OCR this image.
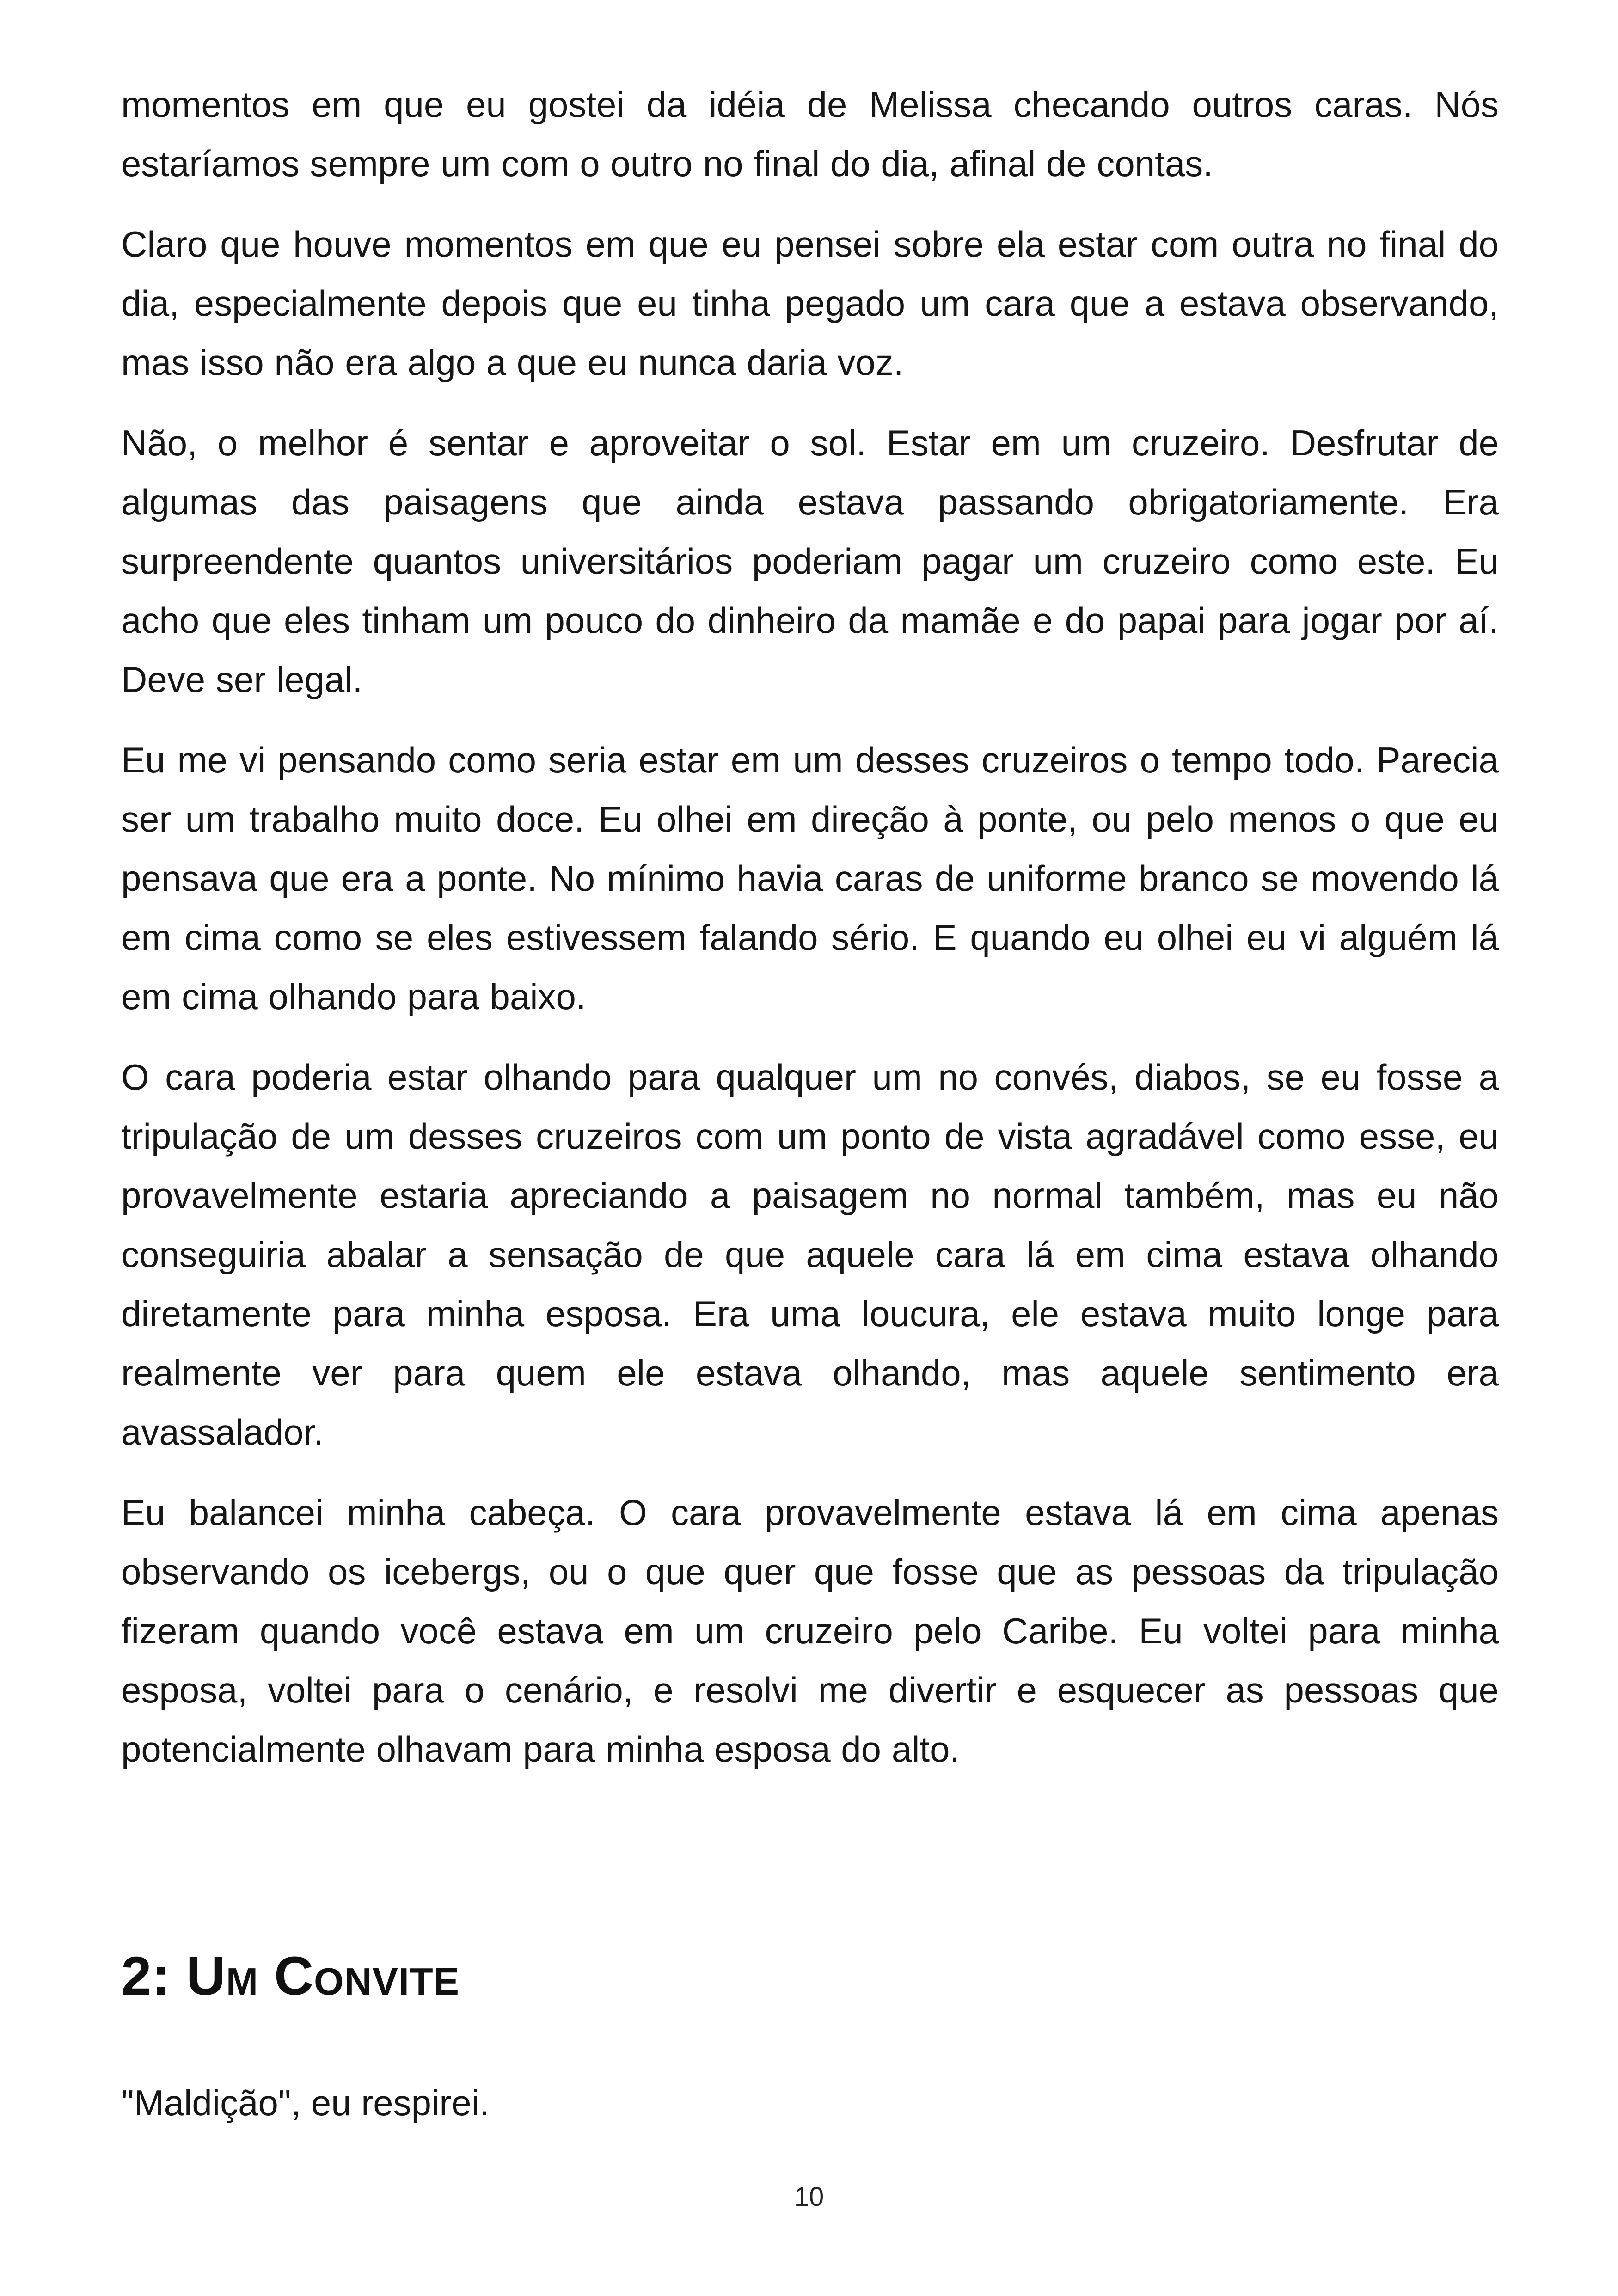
momentos em que eu gostei da idéia de Melissa checando outros caras. Nós estaríamos sempre um com o outro no final do dia, afinal de contas.

Claro que houve momentos em que eu pensei sobre ela estar com outra no final do dia, especialmente depois que eu tinha pegado um cara que a estava observando, mas isso não era algo a que eu nunca daria voz.

Não, o melhor é sentar e aproveitar o sol. Estar em um cruzeiro. Desfrutar de algumas das paisagens que ainda estava passando obrigatoriamente. Era surpreendente quantos universitários poderiam pagar um cruzeiro como este. Eu acho que eles tinham um pouco do dinheiro da mamãe e do papai para jogar por aí. Deve ser legal.

Eu me vi pensando como seria estar em um desses cruzeiros o tempo todo. Parecia ser um trabalho muito doce. Eu olhei em direção à ponte, ou pelo menos o que eu pensava que era a ponte. No mínimo havia caras de uniforme branco se movendo lá em cima como se eles estivessem falando sério. E quando eu olhei eu vi alguém lá em cima olhando para baixo.

O cara poderia estar olhando para qualquer um no convés, diabos, se eu fosse a tripulação de um desses cruzeiros com um ponto de vista agradável como esse, eu provavelmente estaria apreciando a paisagem no normal também, mas eu não conseguiria abalar a sensação de que aquele cara lá em cima estava olhando diretamente para minha esposa. Era uma loucura, ele estava muito longe para realmente ver para quem ele estava olhando, mas aquele sentimento era avassalador.

Eu balancei minha cabeça. O cara provavelmente estava lá em cima apenas observando os icebergs, ou o que quer que fosse que as pessoas da tripulação fizeram quando você estava em um cruzeiro pelo Caribe. Eu voltei para minha esposa, voltei para o cenário, e resolvi me divertir e esquecer as pessoas que potencialmente olhavam para minha esposa do alto.

2: Um Convite

"Maldição", eu respirei.

10
